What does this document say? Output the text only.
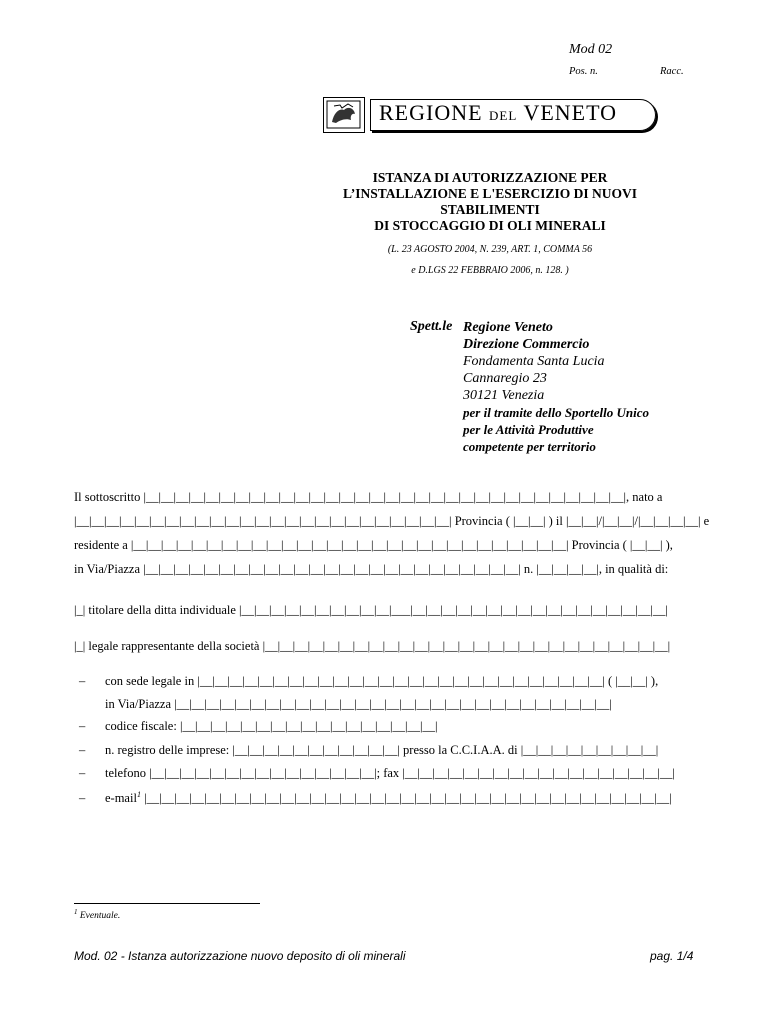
Mod 02
Pos. n.	Racc.
REGIONE DEL VENETO
ISTANZA DI AUTORIZZAZIONE PER
L’INSTALLAZIONE E L'ESERCIZIO DI NUOVI
STABILIMENTI
DI STOCCAGGIO DI OLI MINERALI
(L. 23 AGOSTO 2004, N. 239, ART. 1, COMMA 56
e D.LGS 22 FEBBRAIO 2006, n. 128. )
Spett.le Regione Veneto
Direzione Commercio
Fondamenta Santa Lucia
Cannaregio 23
30121 Venezia
per il tramite dello Sportello Unico
per le Attività Produttive
competente per territorio
Il sottoscritto |__|__|__|__|__|__|__|__|__|__|__|__|__|__|__|__|__|__|__|__|__|__|__|__|__|__|__|__|__|__|__|__|, nato a
|__|__|__|__|__|__|__|__|__|__|__|__|__|__|__|__|__|__|__|__|__|__|__|__|__| Provincia ( |__|__| ) il |__|__|/|__|__|/|__|__|__|__| e
residente a |__|__|__|__|__|__|__|__|__|__|__|__|__|__|__|__|__|__|__|__|__|__|__|__|__|__|__|__|__| Provincia ( |__|__| ),
in Via/Piazza |__|__|__|__|__|__|__|__|__|__|__|__|__|__|__|__|__|__|__|__|__|__|__|__|__| n. |__|__|__|__|, in qualità di:
|_| titolare della ditta individuale |__|__|__|__|__|__|__|__|__|__|___|__|__|__|__|__|__|__|__|__|__|__|__|__|__|__|__|__|
|_| legale rappresentante della società |__|__|__|__|__|__|__|__|__|__|__|__|__|__|__|__|__|__|__|__|__|__|__|__|__|__|__|
– con sede legale in |__|__|__|__|__|__|__|__|__|__|__|__|__|__|__|__|__|__|__|__|__|__|__|__|__|__|__| ( |__|__| ),
in Via/Piazza |__|__|__|__|__|__|__|__|__|__|__|__|__|__|__|__|__|__|__|__|__|__|__|__|__|__|__|__|__|
– codice fiscale: |__|__|__|__|__|__|__|__|__|__|__|__|__|__|__|__|__|
– n. registro delle imprese: |__|__|__|__|__|__|__|__|__|__|__| presso la C.C.I.A.A. di |__|__|__|__|__|__|__|__|__|
– telefono |__|__|__|__|__|__|__|__|__|__|__|__|__|__|__|; fax |__|__|__|__|__|__|__|__|__|__|__|__|__|__|__|__|__|__|
– e-mail$^1$ |__|__|__|__|__|__|__|__|__|__|__|__|__|__|__|__|__|__|__|__|__|__|__|__|__|__|__|__|__|__|__|__|__|__|__|
$^1$ Eventuale.
Mod. 02 - Istanza autorizzazione nuovo deposito di oli minerali	pag. 1/4
